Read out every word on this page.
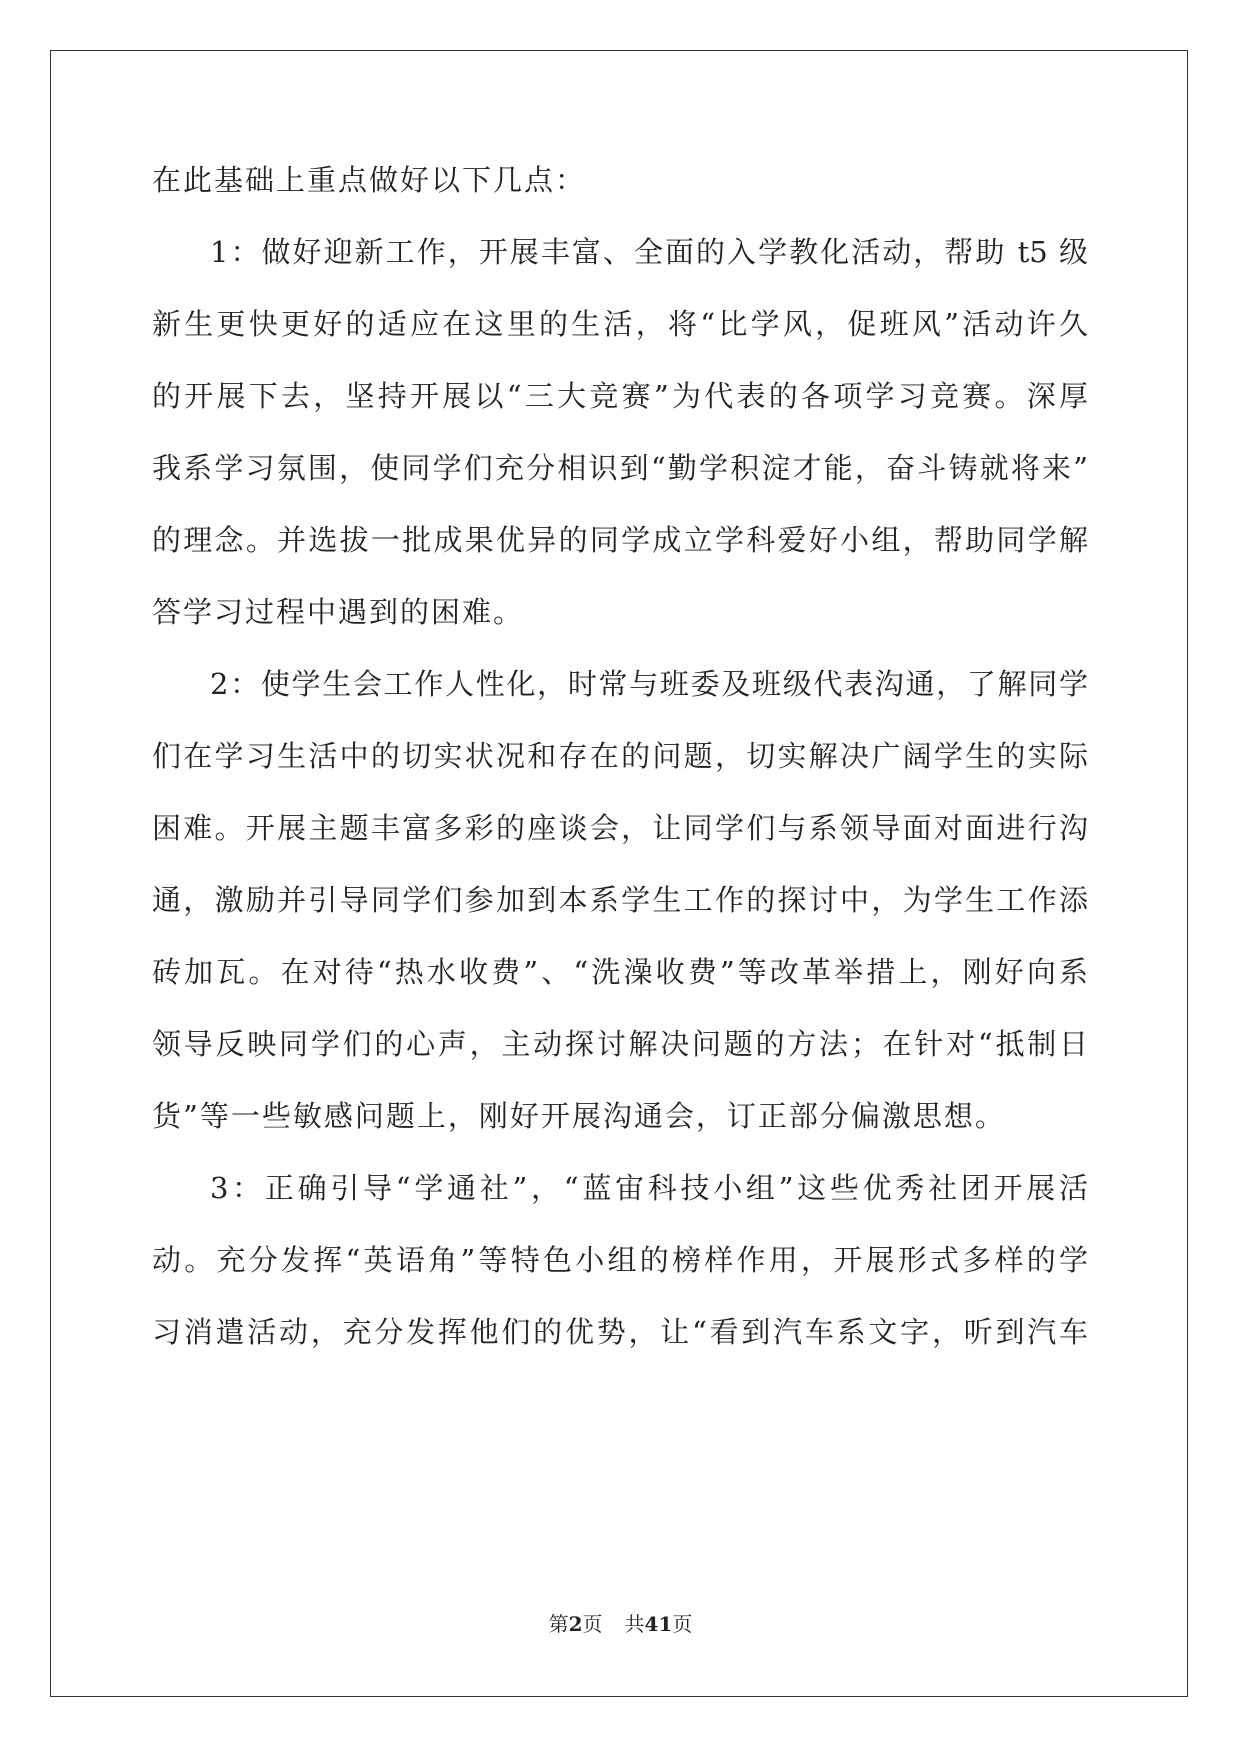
在此基础上重点做好以下几点：
1：做好迎新工作，开展丰富、全面的入学教化活动，帮助 t5 级
新生更快更好的适应在这里的生活，将“比学风，促班风”活动许久
的开展下去，坚持开展以“三大竞赛”为代表的各项学习竞赛。深厚
我系学习氛围，使同学们充分相识到“勤学积淀才能，奋斗铸就将来”
的理念。并选拔一批成果优异的同学成立学科爱好小组，帮助同学解
答学习过程中遇到的困难。
2：使学生会工作人性化，时常与班委及班级代表沟通，了解同学
们在学习生活中的切实状况和存在的问题，切实解决广阔学生的实际
困难。开展主题丰富多彩的座谈会，让同学们与系领导面对面进行沟
通，激励并引导同学们参加到本系学生工作的探讨中，为学生工作添
砖加瓦。在对待“热水收费”、“洗澡收费”等改革举措上，刚好向系
领导反映同学们的心声，主动探讨解决问题的方法；在针对“抵制日
货”等一些敏感问题上，刚好开展沟通会，订正部分偏激思想。
3：正确引导“学通社”，“蓝宙科技小组”这些优秀社团开展活
动。充分发挥“英语角”等特色小组的榜样作用，开展形式多样的学
习消遣活动，充分发挥他们的优势，让“看到汽车系文字，听到汽车
第2页 共41页
